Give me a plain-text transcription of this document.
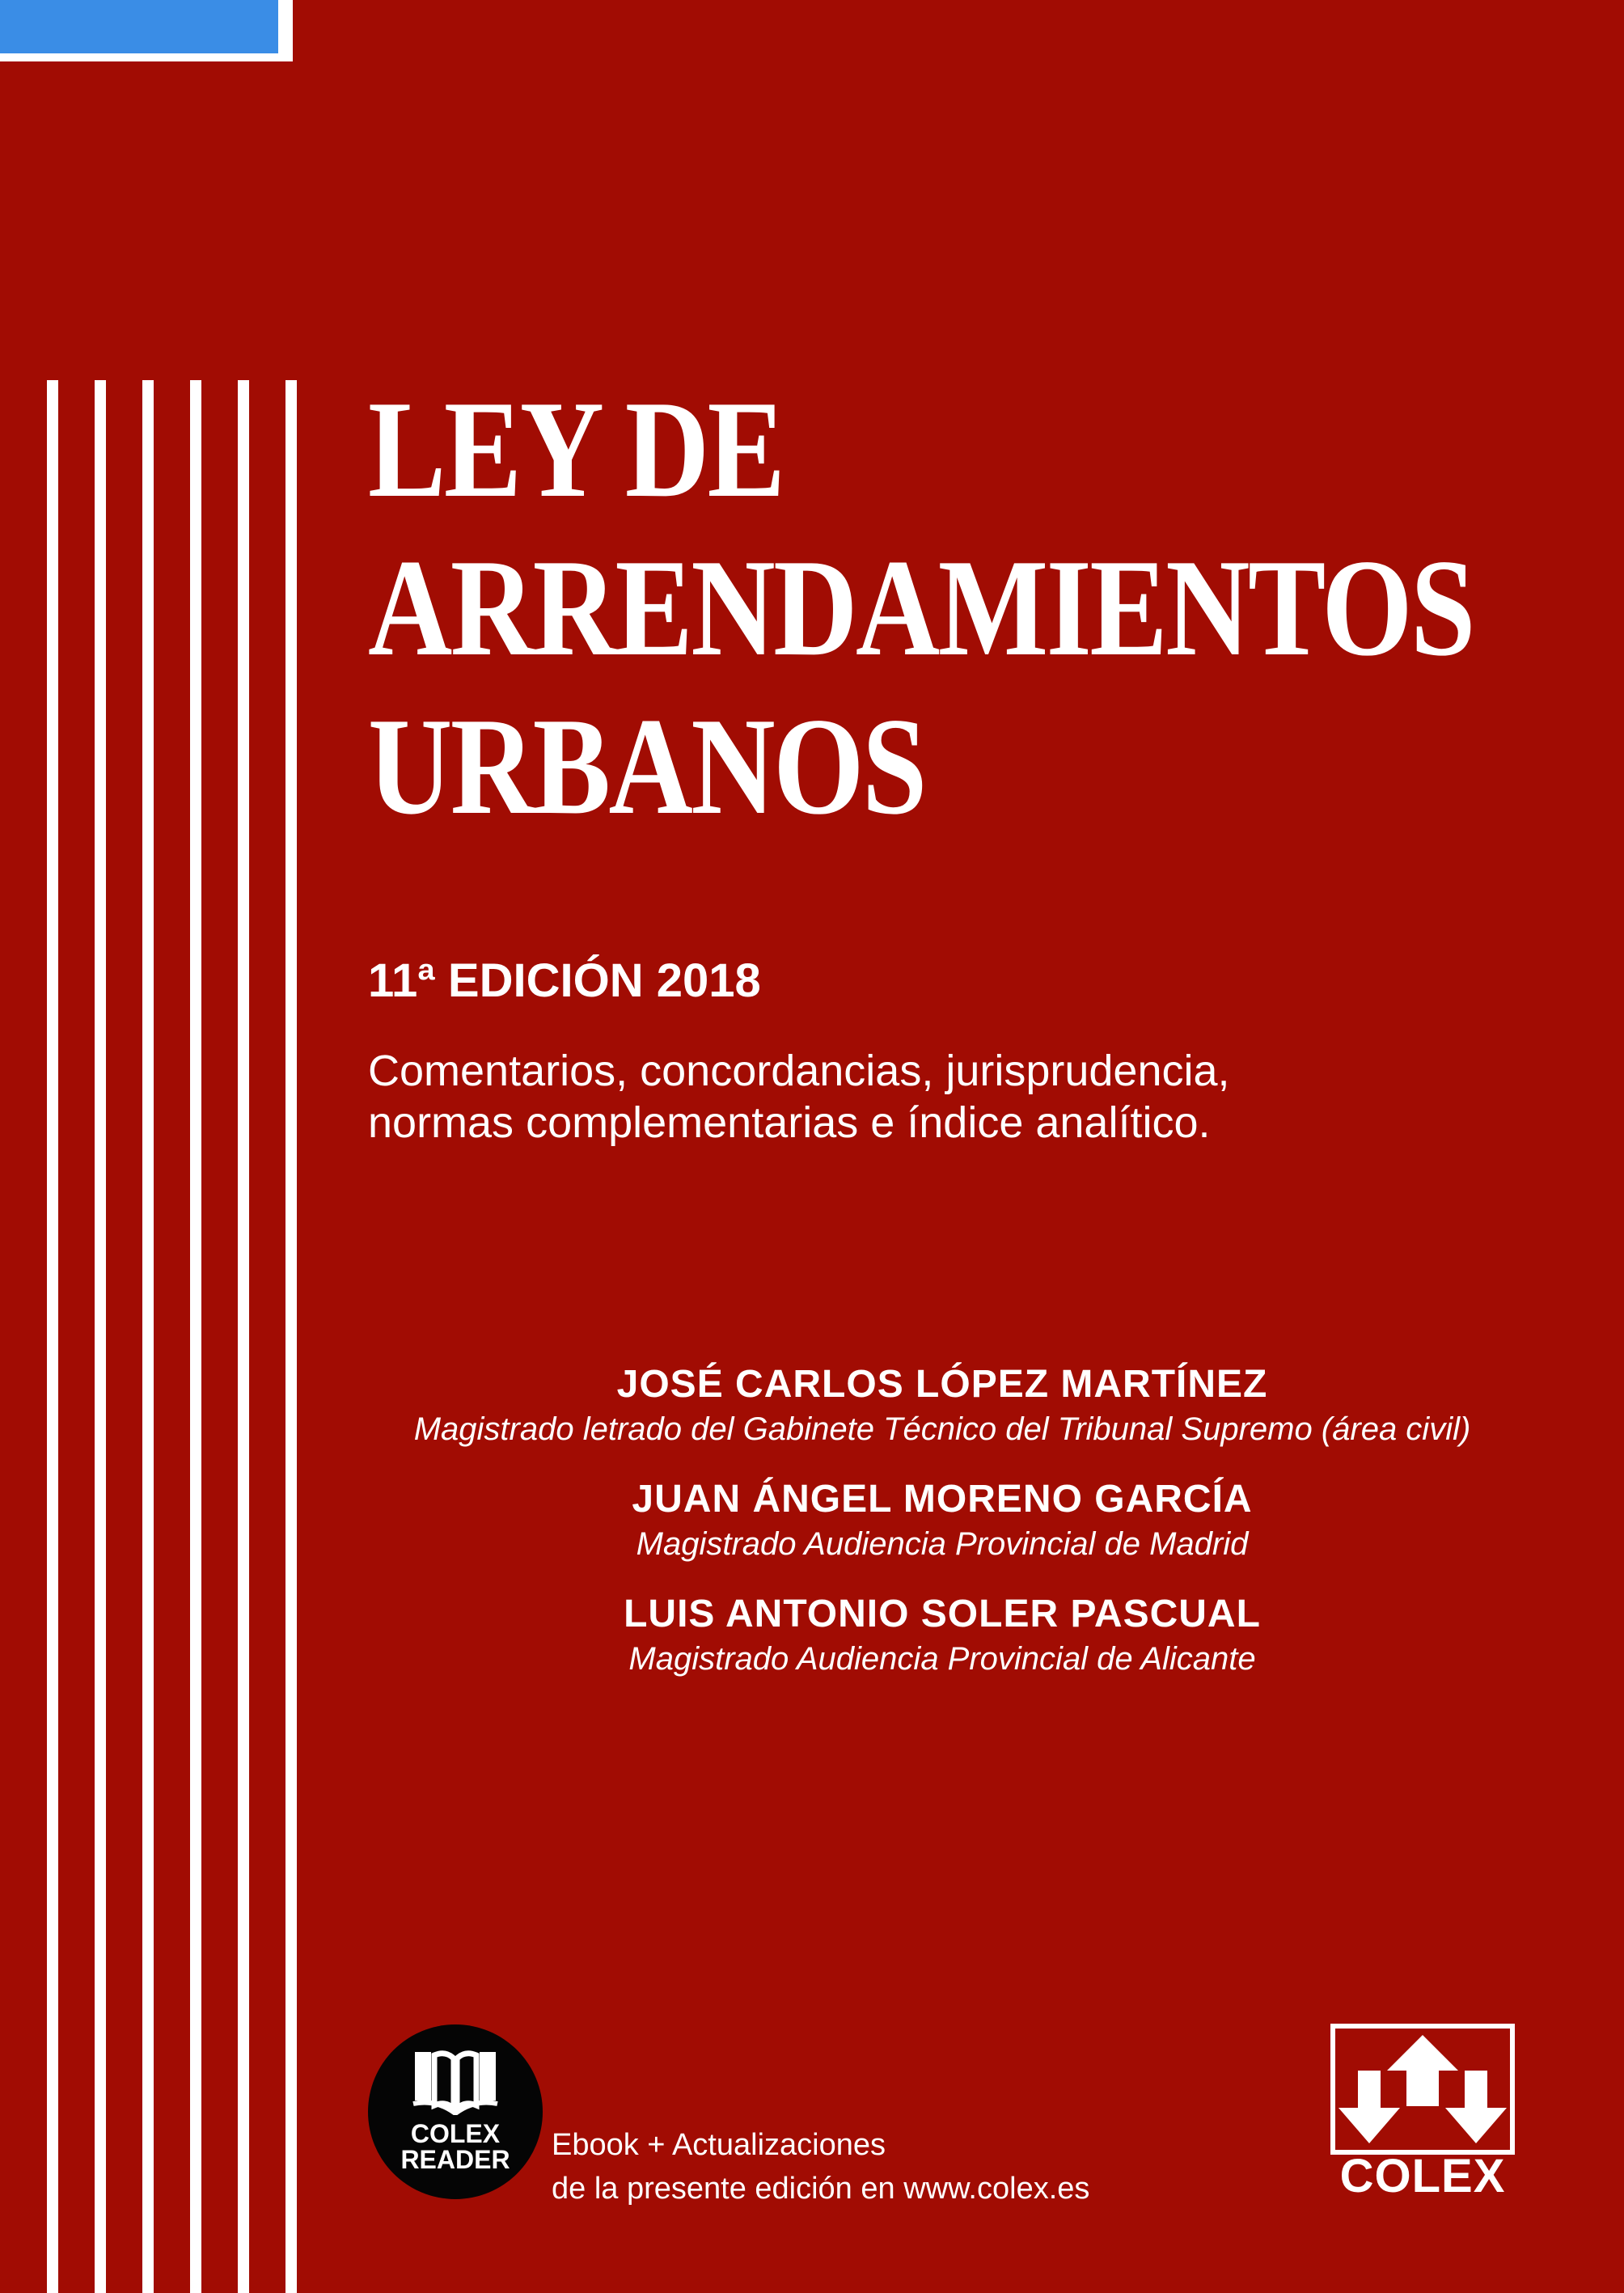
LEY DE
ARRENDAMIENTOS
URBANOS
11ª EDICIÓN 2018
Comentarios, concordancias, jurisprudencia,
normas complementarias e índice analítico.
JOSÉ CARLOS LÓPEZ MARTÍNEZ
Magistrado letrado del Gabinete Técnico del Tribunal Supremo (área civil)
JUAN ÁNGEL MORENO GARCÍA
Magistrado Audiencia Provincial de Madrid
LUIS ANTONIO SOLER PASCUAL
Magistrado Audiencia Provincial de Alicante
COLEX
READER	Ebook + Actualizaciones
de la presente edición en www.colex.es	COLEX
